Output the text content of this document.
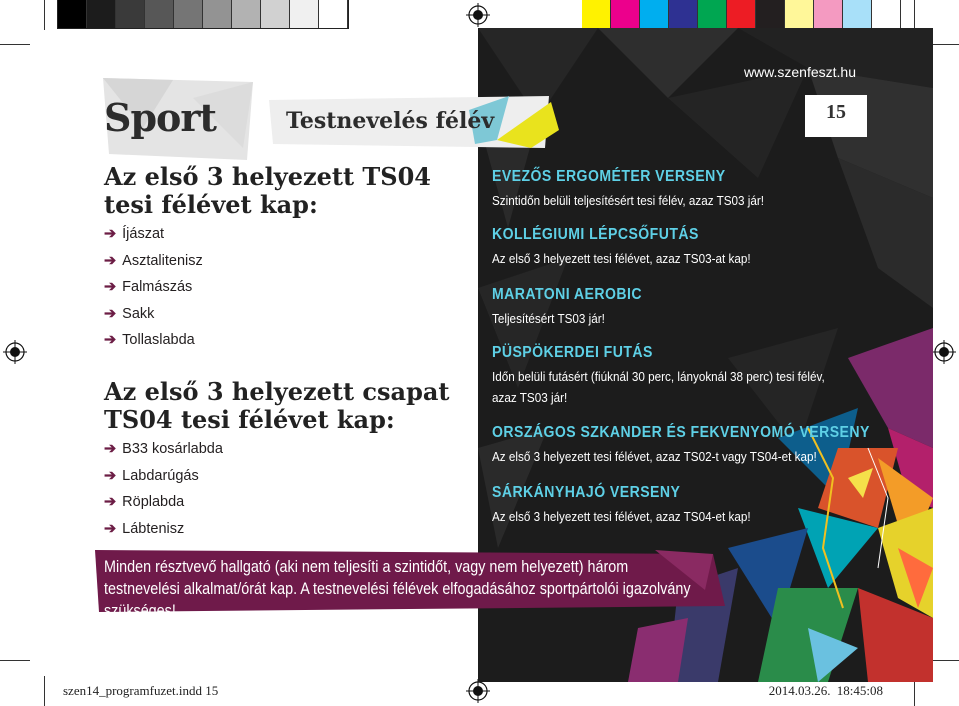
www.szenfeszt.hu
15
Sport	Testnevelés félév
Az első 3 helyezett TS04
tesi félévet kap:
➔ Íjászat
➔ Asztalitenisz
➔ Falmászás
➔ Sakk
➔ Tollaslabda
Az első 3 helyezett csapat
TS04 tesi félévet kap:
➔ B33 kosárlabda
➔ Labdarúgás
➔ Röplabda
➔ Lábtenisz
EVEZŐS ERGOMÉTER VERSENY
Szintidőn belüli teljesítésért tesi félév, azaz TS03 jár!
KOLLÉGIUMI LÉPCSŐFUTÁS
Az első 3 helyezett tesi félévet, azaz TS03-at kap!
MARATONI AEROBIC
Teljesítésért TS03 jár!
PÜSPÖKERDEI FUTÁS
Időn belüli futásért (fiúknál 30 perc, lányoknál 38 perc) tesi félév, azaz TS03 jár!
ORSZÁGOS SZKANDER ÉS FEKVENYOMÓ VERSENY
Az első 3 helyezett tesi félévet, azaz TS02-t vagy TS04-et kap!
SÁRKÁNYHAJÓ VERSENY
Az első 3 helyezett tesi félévet, azaz TS04-et kap!
Minden résztvevő hallgató (aki nem teljesíti a szintidőt, vagy nem helyezett) három testnevelési alkalmat/órát kap. A testnevelési félévek elfogadásához sportpártolói igazolvány szükséges!
szen14_programfuzet.indd 15	2014.03.26. 18:45:08
